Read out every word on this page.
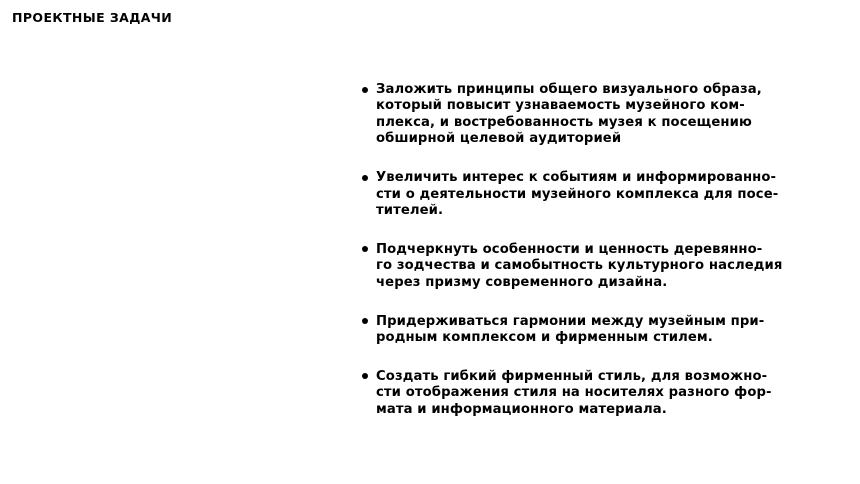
ПРОЕКТНЫЕ ЗАДАЧИ
Заложить принципы общего визуального образа,
который повысит узнаваемость музейного ком-
плекса, и востребованность музея к посещению
обширной целевой аудиторией
Увеличить интерес к событиям и информированно-
сти о деятельности музейного комплекса для посе-
тителей.
Подчеркнуть особенности и ценность деревянно-
го зодчества и самобытность культурного наследия
через призму современного дизайна.
Придерживаться гармонии между музейным при-
родным комплексом и фирменным стилем.
Создать гибкий фирменный стиль, для возможно-
сти отображения стиля на носителях разного фор-
мата и информационного материала.
